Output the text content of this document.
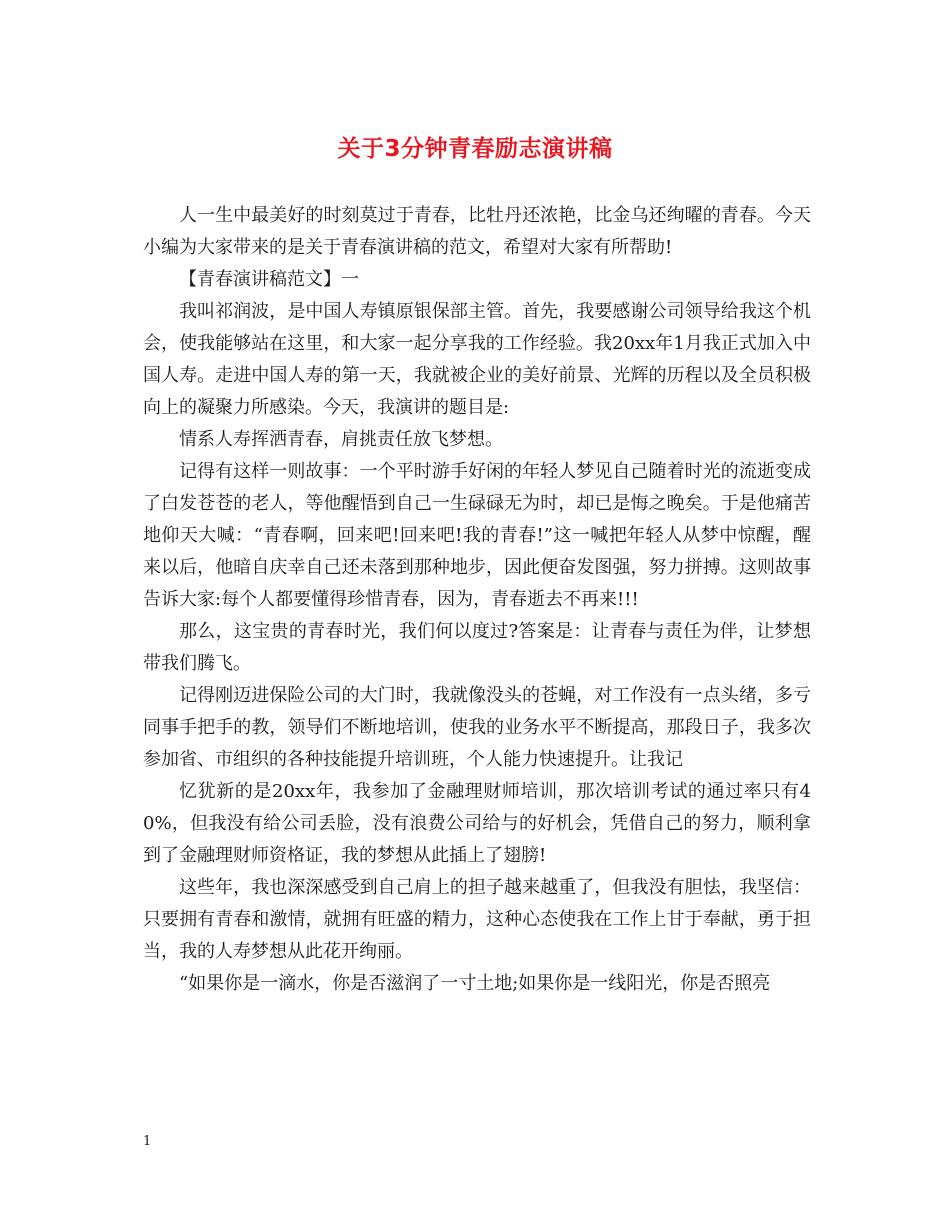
关于3分钟青春励志演讲稿

人一生中最美好的时刻莫过于青春，比牡丹还浓艳，比金乌还绚曜的青春。今天小编为大家带来的是关于青春演讲稿的范文，希望对大家有所帮助!

【青春演讲稿范文】一

我叫祁润波，是中国人寿镇原银保部主管。首先，我要感谢公司领导给我这个机会，使我能够站在这里，和大家一起分享我的工作经验。我20xx年1月我正式加入中国人寿。走进中国人寿的第一天，我就被企业的美好前景、光辉的历程以及全员积极向上的凝聚力所感染。今天，我演讲的题目是:

情系人寿挥洒青春，肩挑责任放飞梦想。

记得有这样一则故事：一个平时游手好闲的年轻人梦见自己随着时光的流逝变成了白发苍苍的老人，等他醒悟到自己一生碌碌无为时，却已是悔之晚矣。于是他痛苦地仰天大喊：“青春啊，回来吧!回来吧!我的青春!”这一喊把年轻人从梦中惊醒，醒来以后，他暗自庆幸自己还未落到那种地步，因此便奋发图强，努力拼搏。这则故事告诉大家:每个人都要懂得珍惜青春，因为，青春逝去不再来!!!

那么，这宝贵的青春时光，我们何以度过?答案是：让青春与责任为伴，让梦想带我们腾飞。

记得刚迈进保险公司的大门时，我就像没头的苍蝇，对工作没有一点头绪，多亏同事手把手的教，领导们不断地培训，使我的业务水平不断提高，那段日子，我多次参加省、市组织的各种技能提升培训班，个人能力快速提升。让我记

忆犹新的是20xx年，我参加了金融理财师培训，那次培训考试的通过率只有40%，但我没有给公司丢脸，没有浪费公司给与的好机会，凭借自己的努力，顺利拿到了金融理财师资格证，我的梦想从此插上了翅膀!

这些年，我也深深感受到自己肩上的担子越来越重了，但我没有胆怯，我坚信：只要拥有青春和激情，就拥有旺盛的精力，这种心态使我在工作上甘于奉献，勇于担当，我的人寿梦想从此花开绚丽。

“如果你是一滴水，你是否滋润了一寸土地;如果你是一线阳光，你是否照亮

1
